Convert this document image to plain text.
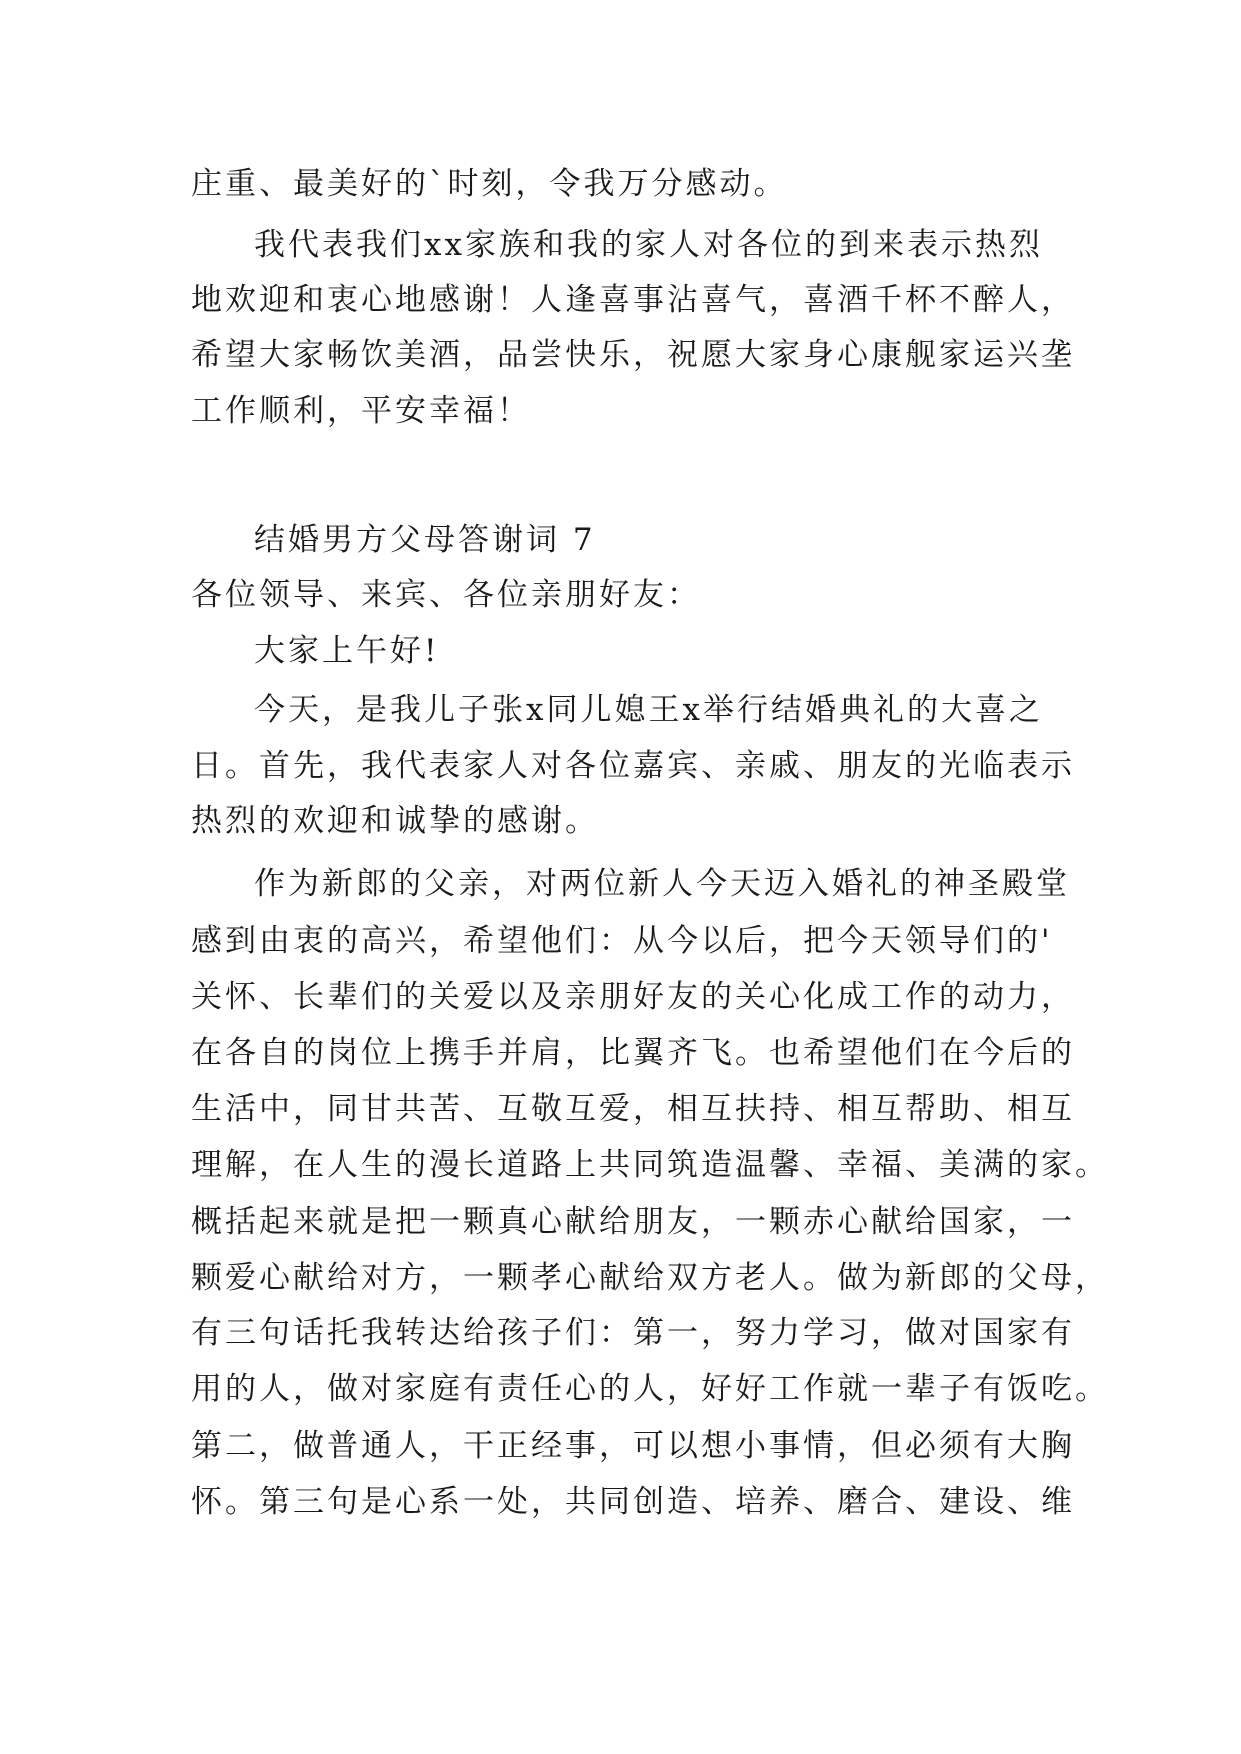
庄重、最美好的`时刻，令我万分感动。
我代表我们xx家族和我的家人对各位的到来表示热烈
地欢迎和衷心地感谢！人逢喜事沾喜气，喜酒千杯不醉人，
希望大家畅饮美酒，品尝快乐，祝愿大家身心康舰家运兴垄
工作顺利，平安幸福！
结婚男方父母答谢词 7
各位领导、来宾、各位亲朋好友：
大家上午好!
今天，是我儿子张x同儿媳王x举行结婚典礼的大喜之
日。首先，我代表家人对各位嘉宾、亲戚、朋友的光临表示
热烈的欢迎和诚挚的感谢。
作为新郎的父亲，对两位新人今天迈入婚礼的神圣殿堂
感到由衷的高兴，希望他们：从今以后，把今天领导们的'
关怀、长辈们的关爱以及亲朋好友的关心化成工作的动力，
在各自的岗位上携手并肩，比翼齐飞。也希望他们在今后的
生活中，同甘共苦、互敬互爱，相互扶持、相互帮助、相互
理解，在人生的漫长道路上共同筑造温馨、幸福、美满的家。
概括起来就是把一颗真心献给朋友，一颗赤心献给国家，一
颗爱心献给对方，一颗孝心献给双方老人。做为新郎的父母，
有三句话托我转达给孩子们：第一，努力学习，做对国家有
用的人，做对家庭有责任心的人，好好工作就一辈子有饭吃。
第二，做普通人，干正经事，可以想小事情，但必须有大胸
怀。第三句是心系一处，共同创造、培养、磨合、建设、维
